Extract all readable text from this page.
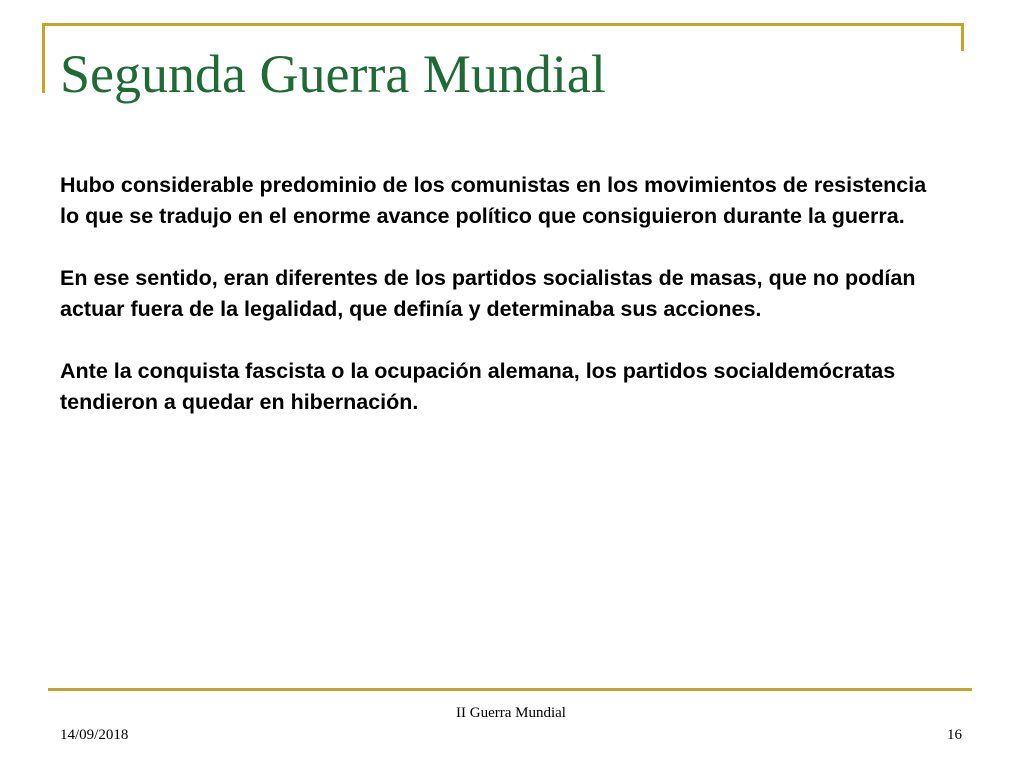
Segunda Guerra Mundial

Hubo considerable predominio de los comunistas en los movimientos de resistencia lo que se tradujo en el enorme avance político que consiguieron durante la guerra.

En ese sentido, eran diferentes de los partidos socialistas de masas, que no podían actuar fuera de la legalidad, que definía y determinaba sus acciones.

Ante la conquista fascista o la ocupación alemana, los partidos socialdemócratas tendieron a quedar en hibernación.

II Guerra Mundial
14/09/2018	16
